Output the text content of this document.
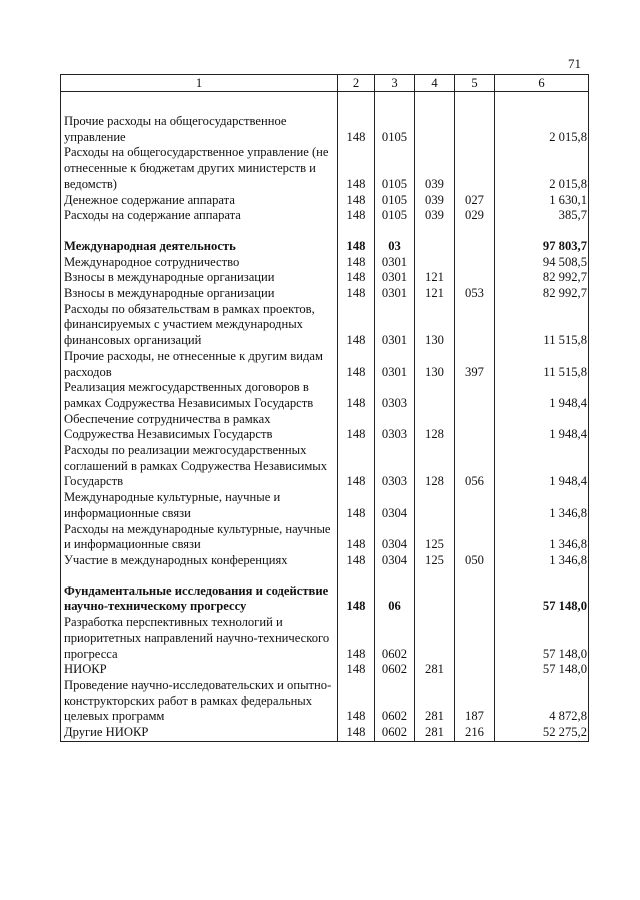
71
1	2	3	4	5	6

Прочие расходы на общегосударственное управление	148	0105			2 015,8
Расходы на общегосударственное управление (не отнесенные к бюджетам других министерств и ведомств)	148	0105	039		2 015,8
Денежное содержание аппарата	148	0105	039	027	1 630,1
Расходы на содержание аппарата	148	0105	039	029	385,7

Международная деятельность	148	03			97 803,7
Международное сотрудничество	148	0301			94 508,5
Взносы в международные организации	148	0301	121		82 992,7
Взносы в международные организации	148	0301	121	053	82 992,7
Расходы по обязательствам в рамках проектов, финансируемых с участием международных финансовых организаций	148	0301	130		11 515,8
Прочие расходы, не отнесенные к другим видам расходов	148	0301	130	397	11 515,8
Реализация межгосударственных договоров в рамках Содружества Независимых Государств	148	0303			1 948,4
Обеспечение сотрудничества в рамках Содружества Независимых Государств	148	0303	128		1 948,4
Расходы по реализации межгосударственных соглашений в рамках Содружества Независимых Государств	148	0303	128	056	1 948,4
Международные культурные, научные и информационные связи	148	0304			1 346,8
Расходы на международные культурные, научные и информационные связи	148	0304	125		1 346,8
Участие в международных конференциях	148	0304	125	050	1 346,8

Фундаментальные исследования и содействие научно-техническому прогрессу	148	06			57 148,0
Разработка перспективных технологий и приоритетных направлений научно-технического прогресса	148	0602			57 148,0
НИОКР	148	0602	281		57 148,0
Проведение научно-исследовательских и опытно-конструкторских работ в рамках федеральных целевых программ	148	0602	281	187	4 872,8
Другие НИОКР	148	0602	281	216	52 275,2
